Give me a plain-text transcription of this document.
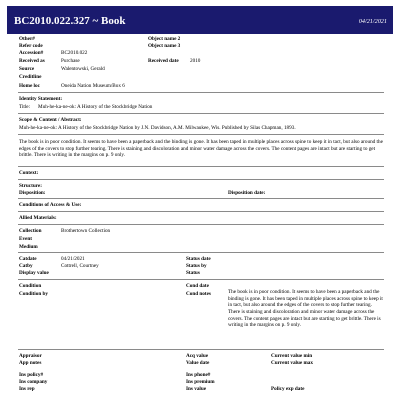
BC2010.022.327 ~ Book	04/21/2021
Other#
Refer code
Accession#	BC2010.022
Received as	Purchase
Source	Walentowski, Gerald
Creditline
Home loc	Oneida Nation Museum/Box 6
Object name 2
Object name 3
Received date 2010
Identity Statement:
Title: Muh-he-ka-ne-ok: A History of the Stockbridge Nation
Scope & Content / Abstract:
Muh-he-ka-ne-ok: A History of the Stockbridge Nation by J.N. Davidson, A.M. Milwaukee, Wis. Published by Silas Chapman, 1893.
The book is in poor condition. It seems to have been a paperback and the binding is gone. It has been taped in multiple places across spine to keep it in tact, but also around the edges of the covers to stop further tearing. There is staining and discoloration and minor water damage across the covers. The content pages are intact but are starting to get brittle. There is writing in the margins on p. 9 only.
Context:
Structure:
Disposition:	Disposition date:
Conditions of Access & Use:
Allied Materials:
Collection	Brothertown Collection
Event
Medium
Catdate	04/21/2021
Catby	Cottrell, Courtney
Display value
Status date
Status by
Status
Condition
Condition by
Cond date
Cond notes	The book is in poor condition. It seems to have been a paperback and the binding is gone. It has been taped in multiple places across spine to keep it in tact, but also around the edges of the covers to stop further tearing. There is staining and discoloration and minor water damage across the covers. The content pages are intact but are starting to get brittle. There is writing in the margins on p. 9 only.
Appraisor
App notes
Acq value
Value date
Current value min
Current value max
Ins policy#
Ins company
Ins rep
Ins phone#
Ins premium
Ins value	Policy exp date
